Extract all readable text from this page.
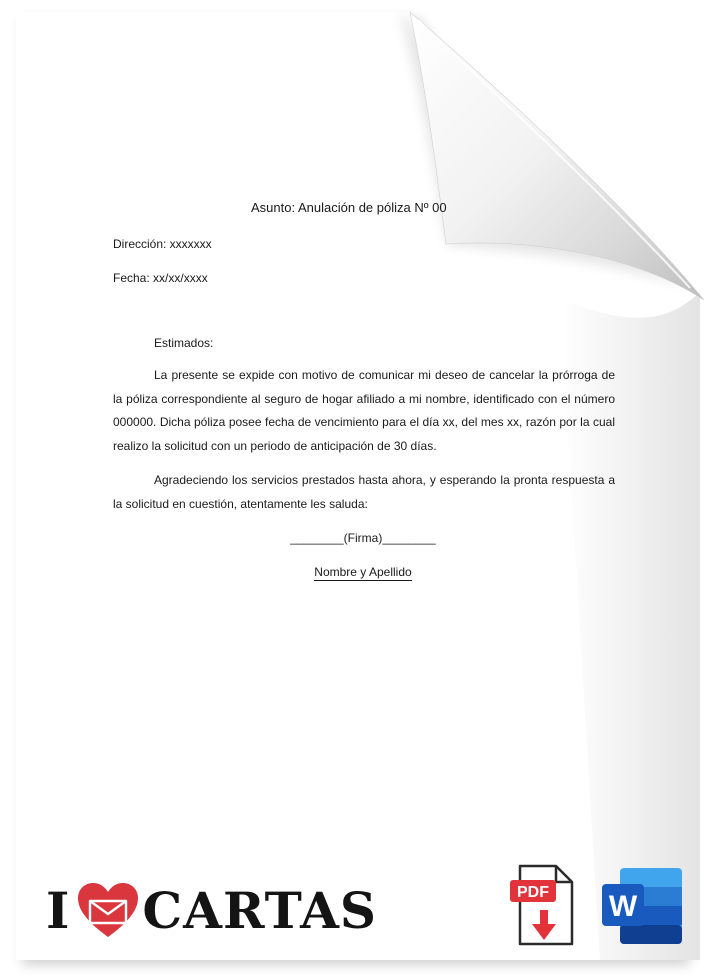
Asunto: Anulación de póliza Nº 00
Dirección: xxxxxxx
Fecha: xx/xx/xxxx
Estimados:
La presente se expide con motivo de comunicar mi deseo de cancelar la prórroga de la póliza correspondiente al seguro de hogar afiliado a mi nombre, identificado con el número 000000. Dicha póliza posee fecha de vencimiento para el día xx, del mes xx, razón por la cual realizo la solicitud con un periodo de anticipación de 30 días.
Agradeciendo los servicios prestados hasta ahora, y esperando la pronta respuesta a la solicitud en cuestión, atentamente les saluda:
________(Firma)________
Nombre y Apellido
I CARTAS	PDF W
